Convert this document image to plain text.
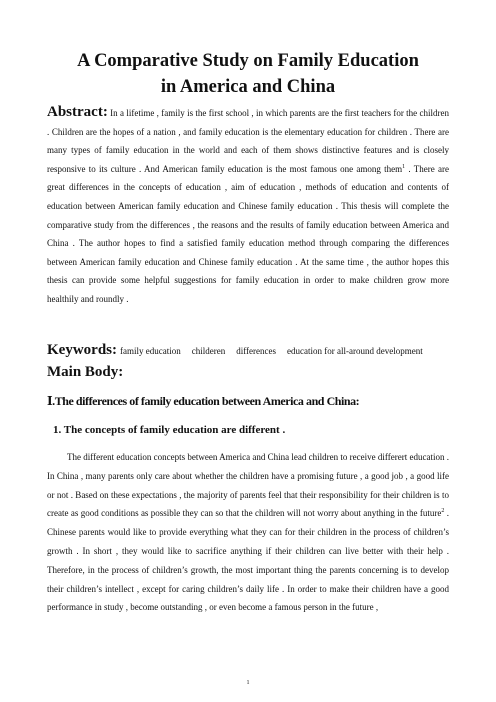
A Comparative Study on Family Education
in America and China

Abstract: In a lifetime , family is the first school , in which parents are the first teachers for the children . Children are the hopes of a nation , and family education is the elementary education for children . There are many types of family education in the world and each of them shows distinctive features and is closely responsive to its culture . And American family education is the most famous one among them$^1$ . There are great differences in the concepts of education , aim of education , methods of education and contents of education between American family education and Chinese family education . This thesis will complete the comparative study from the differences , the reasons and the results of family education between America and China . The author hopes to find a satisfied family education method through comparing the differences between American family education and Chinese family education . At the same time , the author hopes this thesis can provide some helpful suggestions for family education in order to make children grow more healthily and roundly .

Keywords: family education childeren differences education for all-around development

Main Body:

Ⅰ.The differences of family education between America and China:
1. The concepts of family education are different .

The different education concepts between America and China lead children to receive differert education . In China , many parents only care about whether the children have a promising future , a good job , a good life or not . Based on these expectations , the majority of parents feel that their responsibility for their children is to create as good conditions as possible they can so that the children will not worry about anything in the future$^2$ . Chinese parents would like to provide everything what they can for their children in the process of children’s growth . In short , they would like to sacrifice anything if their children can live better with their help . Therefore, in the process of children’s growth, the most important thing the parents concerning is to develop their children’s intellect , except for caring children’s daily life . In order to make their children have a good performance in study , become outstanding , or even become a famous person in the future ,

1
